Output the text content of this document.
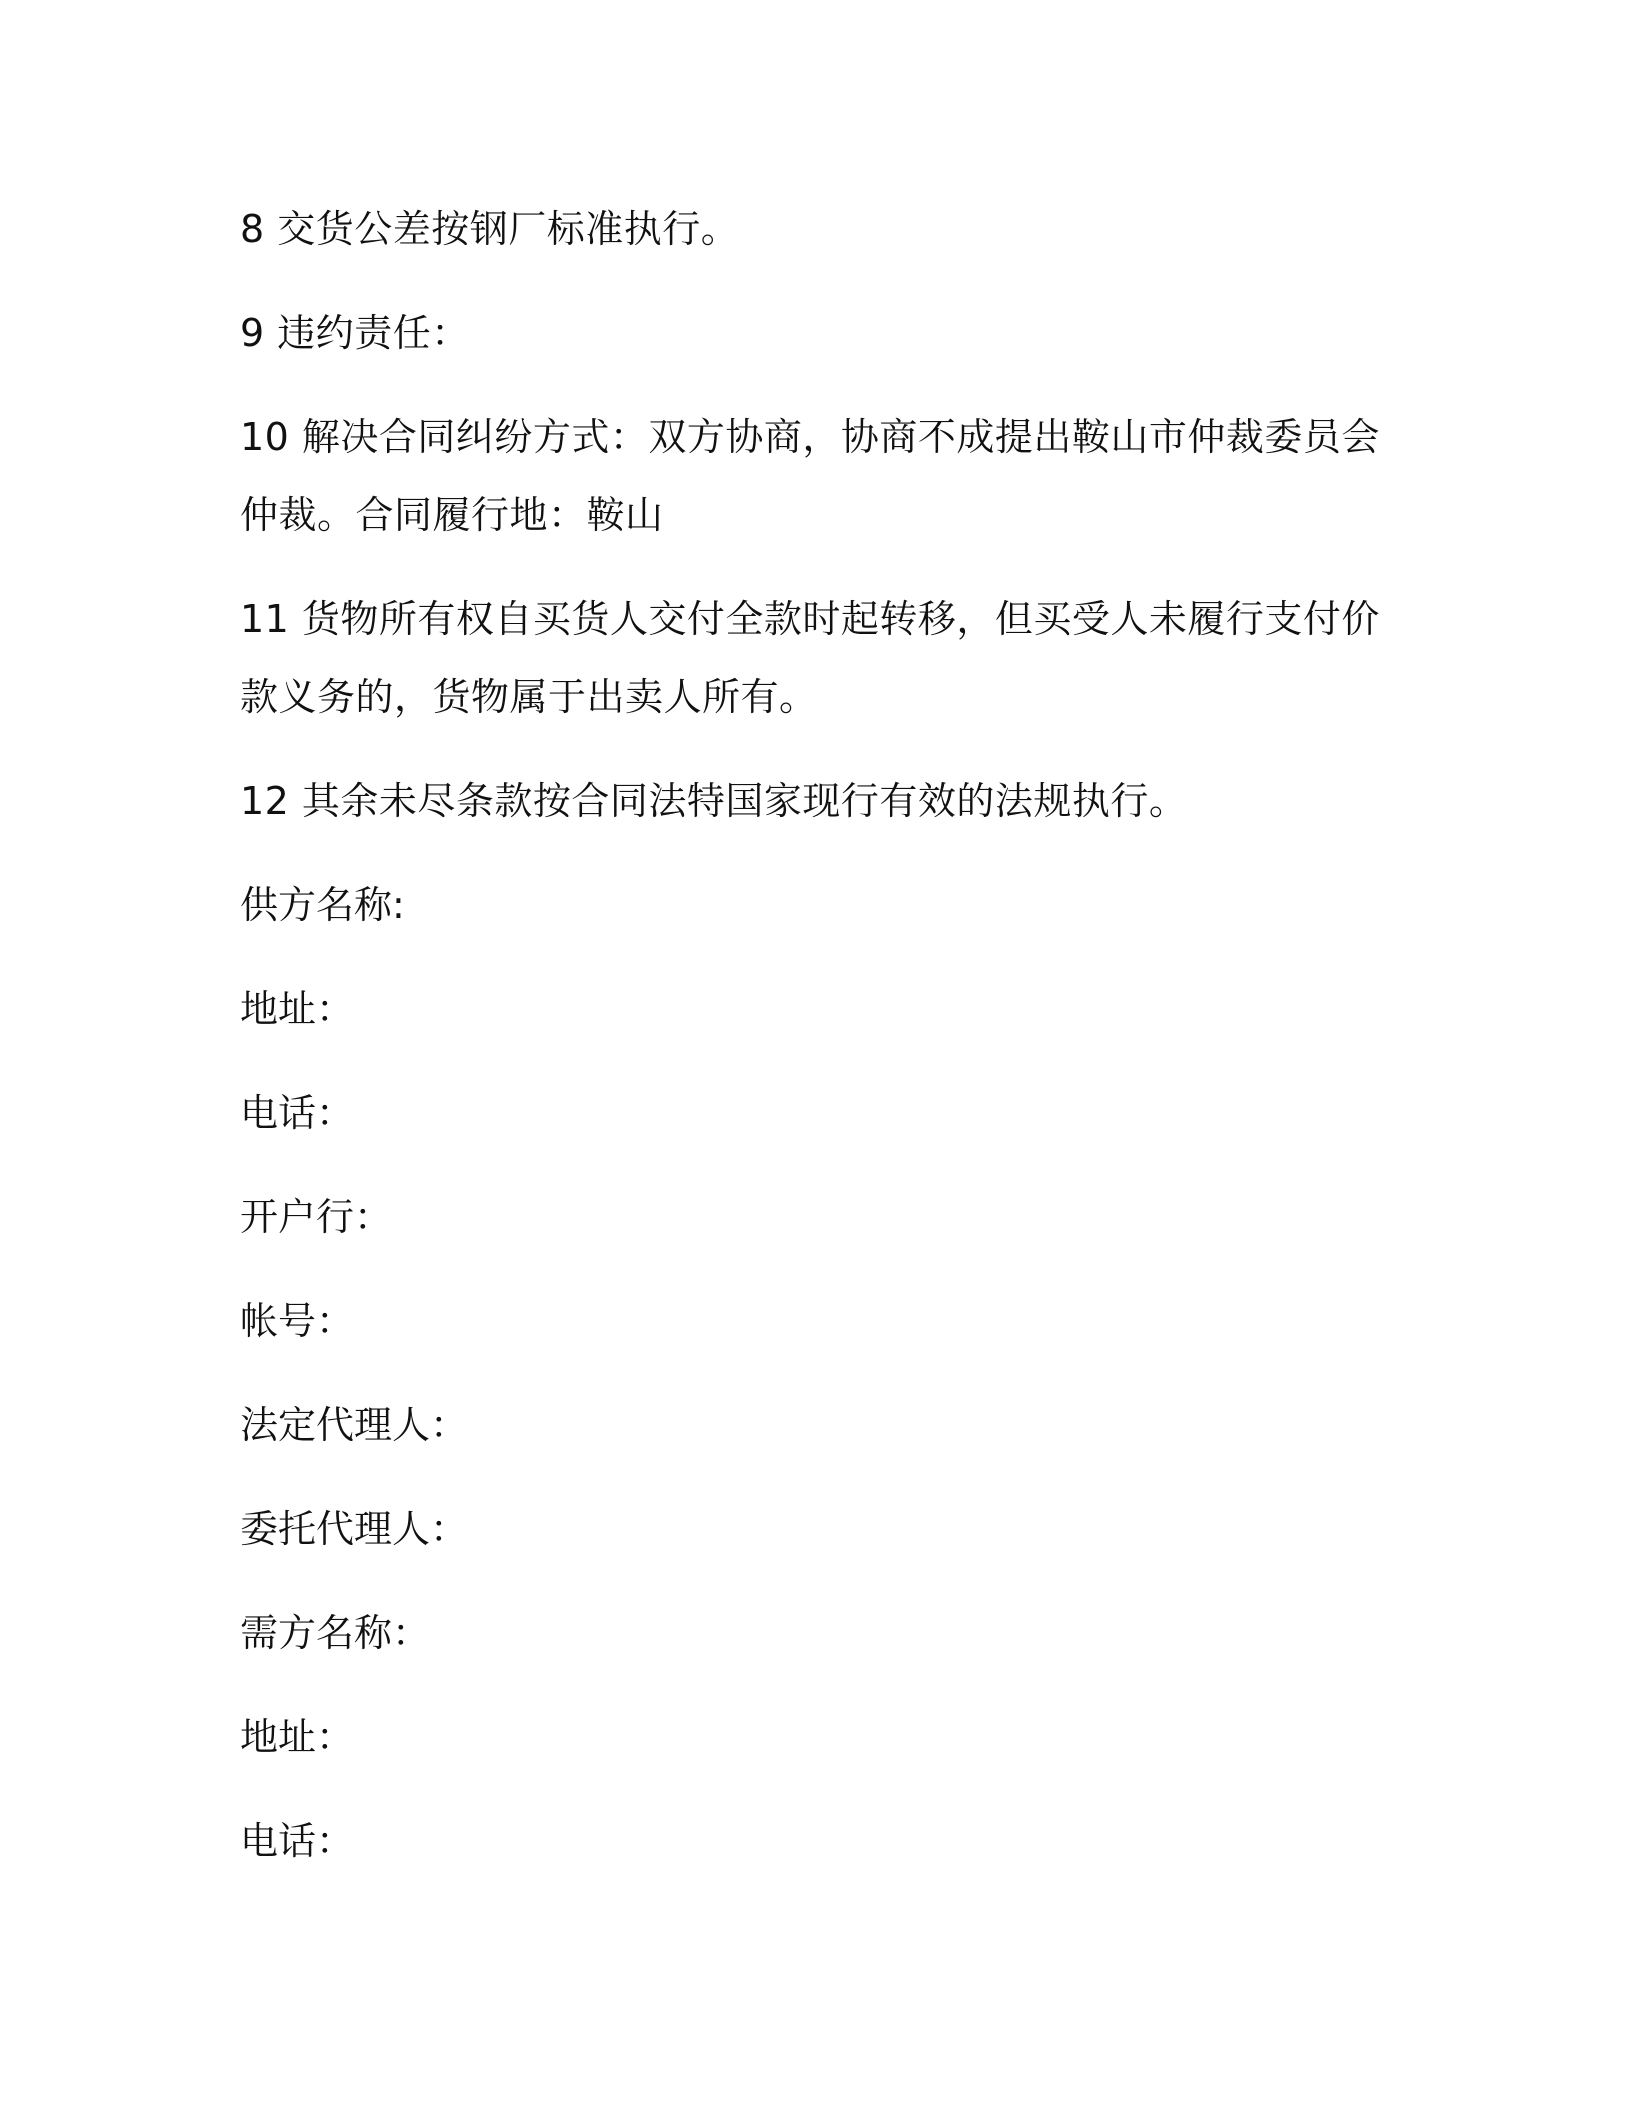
8 交货公差按钢厂标准执行。

9 违约责任：

10 解决合同纠纷方式：双方协商，协商不成提出鞍山市仲裁委员会仲裁。合同履行地：鞍山

11 货物所有权自买货人交付全款时起转移，但买受人未履行支付价款义务的，货物属于出卖人所有。

12 其余未尽条款按合同法特国家现行有效的法规执行。

供方名称:

地址：

电话：

开户行：

帐号：

法定代理人：

委托代理人：

需方名称：

地址：

电话：
